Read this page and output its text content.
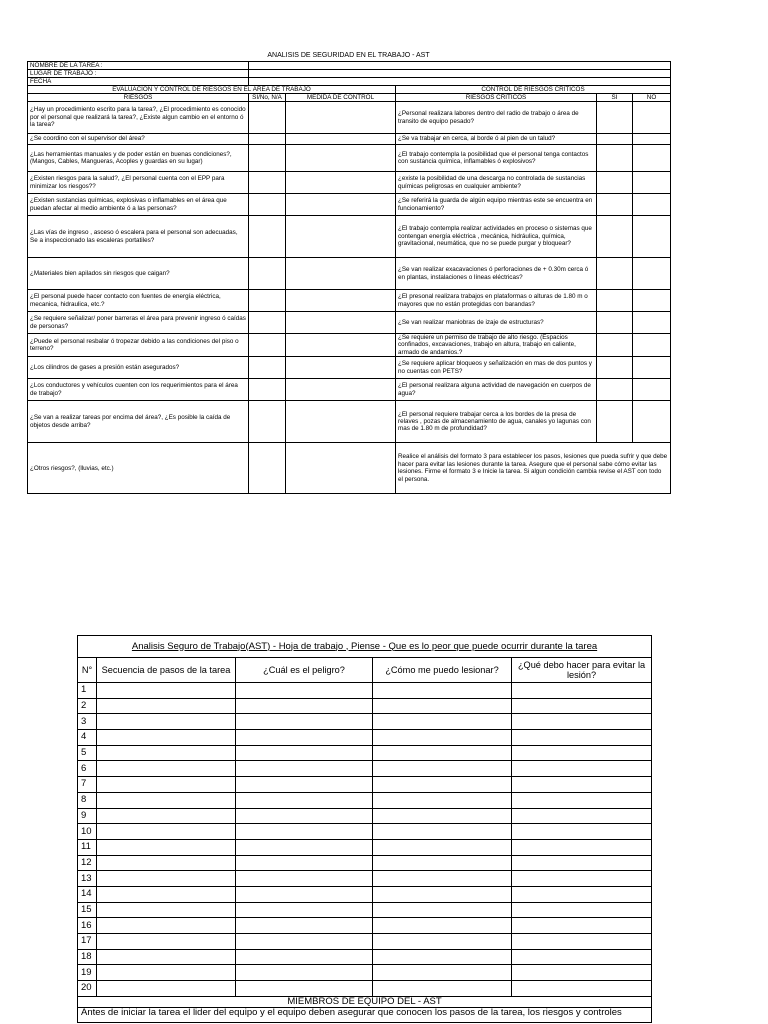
ANALISIS DE SEGURIDAD EN EL TRABAJO - AST
NOMBRE DE LA TAREA :					
LUGAR DE TRABAJO :					
FECHA					
EVALUACIÓN Y CONTROL DE RIESGOS EN EL ÁREA DE TRABAJO			CONTROL DE RIESGOS CRITICOS		
RIESGOS	SI/No, N/A	MEDIDA DE CONTROL	RIESGOS CRITICOS	SI	NO
¿Hay un procedimiento escrito para la tarea?, ¿El procedimiento es conocido por el personal que realizará la tarea?, ¿Existe algun cambio en el entorno ó la tarea?			¿Personal realizara labores dentro del radio de trabajo o área de transito de equipo pesado?		
¿Se coordino con el supervisor del área?			¿Se va trabajar en cerca, al borde ó al pien de un talud?		
¿Las herramientas manuales y de poder están en buenas condiciones?, (Mangos, Cables, Mangueras, Acoples y guardas en su lugar)			¿El trabajo contempla la posibilidad que el personal tenga contactos con sustancia química, inflamables ó explosivos?		
¿Existen riesgos para la salud?, ¿El personal cuenta con el EPP para minimizar los riesgos??			¿existe la posibilidad de una descarga no controlada de sustancias químicas peligrosas en cualquier ambiente?		
¿Existen sustancias químicas, explosivas o inflamables en el área que puedan afectar al medio ambiente ó a las personas?			¿Se referirá la guarda de algún equipo mientras este se encuentra en funcionamiento?		
¿Las vías de ingreso , asceso ó escalera para el personal son adecuadas, Se a inspeccionado las escaleras portatiles?			¿El trabajo contempla realizar actividades en proceso o sistemas que contengan energía eléctrica , mecánica, hidráulica, química, gravitacional, neumática, que no se puede purgar y bloquear?		
¿Materiales bien apilados sin riesgos que caigan?			¿Se van realizar exacavaciones ó perforaciones de + 0.30m cerca ó en plantas, instalaciones o líneas eléctricas?		
¿El personal puede hacer contacto con fuentes de energía eléctrica, mecanica, hidraulica, etc.?			¿El presonal realizara trabajos en plataformas o alturas de 1.80 m o mayores que no están protegidas con barandas?		
¿Se requiere señalizar/ poner barreras el área para prevenir ingreso ó caídas de personas?			¿Se van realizar maniobras de izaje de estructuras?		
¿Puede el personal resbalar ó tropezar debido a las condiciones del piso o terreno?			¿Se requiere un permiso de trabajo de alto riesgo. (Espacios confinados, excavaciones, trabajo en altura, trabajo en caliente, armado de andamios.?		
¿Los cilindros de gases a presión están asegurados?			¿Se requiere aplicar bloqueos y señalización en mas de dos puntos y no cuentas con PETS?		
¿Los conductores y vehículos cuenten con los requerimientos para el área de trabajo?			¿El personal realizara alguna actividad de navegación en cuerpos de agua?		
¿Se van a realizar tareas por encima del área?, ¿Es posible la caída de objetos desde arriba?			¿El personal requiere trabajar cerca a los bordes de la presa de relaves , pozas de almacenamiento de agua, canales yo lagunas con mas de 1.80 m de profundidad?		
¿Otros riesgos?, (lluvias, etc.)			Realice el análisis del formato 3 para establecer los pasos, lesiones que pueda sufrir y que debe hacer para evitar las lesiones durante la tarea. Asegure que el personal sabe cómo evitar las lesiones. Firme el formato 3 e Inicie la tarea. Si algun condición cambia revise el AST con todo el persona.		
Analisis Seguro de Trabajo(AST) - Hoja de trabajo , Piense - Que es lo peor que puede ocurrir durante la tarea				
N°	Secuencia de pasos de la tarea	¿Cuál es el peligro?	¿Cómo me puedo lesionar?	¿Qué debo hacer para evitar la lesión?
1				
2				
3				
4				
5				
6				
7				
8				
9				
10				
11				
12				
13				
14				
15				
16				
17				
18				
19				
20				
MIEMBROS DE EQUIPO DEL - AST				
Antes de iniciar la tarea el lider del equipo y el equipo deben asegurar que conocen los pasos de la tarea, los riesgos y controles				
